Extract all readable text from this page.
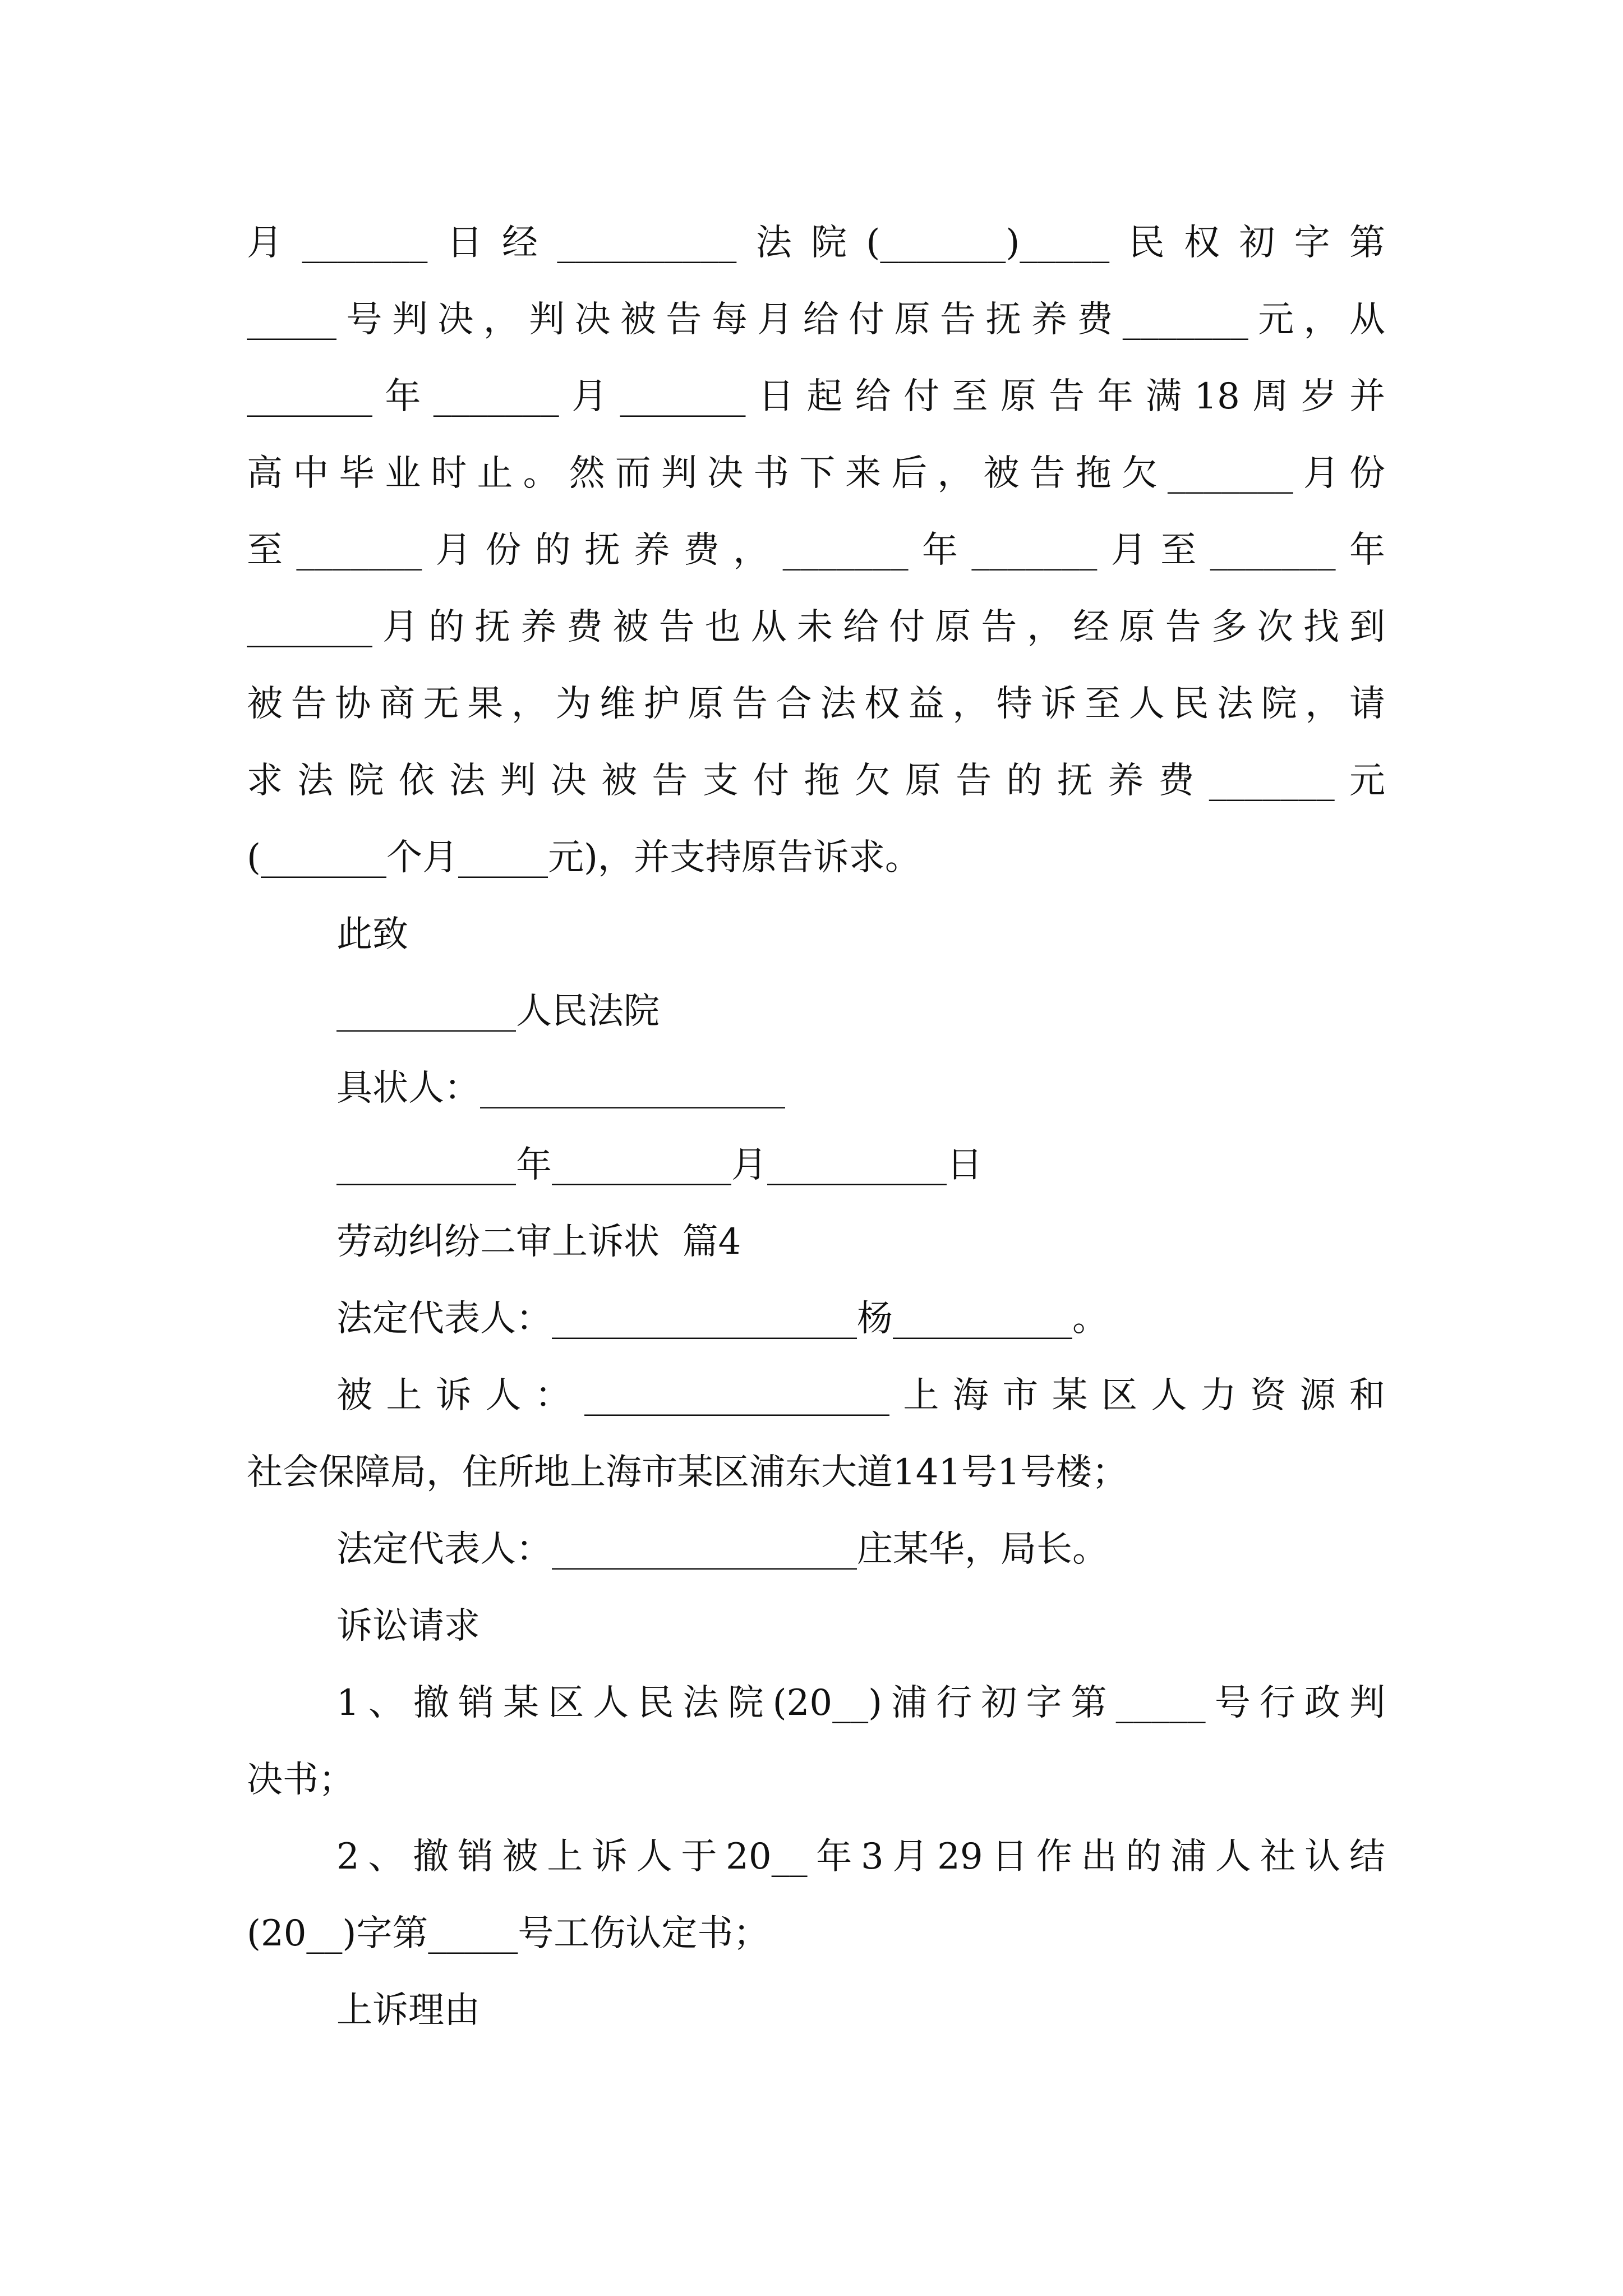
月_______日经__________法院(_______)_____民权初字第
_____号判决，判决被告每月给付原告抚养费_______元，从
_______年_______月_______日起给付至原告年满18周岁并
高中毕业时止。然而判决书下来后，被告拖欠_______月份
至_______月份的抚养费，_______年_______月至_______年
_______月的抚养费被告也从未给付原告，经原告多次找到
被告协商无果，为维护原告合法权益，特诉至人民法院，请
求法院依法判决被告支付拖欠原告的抚养费_______元
(_______个月_____元)，并支持原告诉求。
此致
__________人民法院
具状人：_________________
__________年__________月__________日
劳动纠纷二审上诉状  篇4
法定代表人：_________________杨__________。
被上诉人：_________________上海市某区人力资源和
社会保障局，住所地上海市某区浦东大道141号1号楼；
法定代表人：_________________庄某华，局长。
诉讼请求
1、撤销某区人民法院(20__)浦行初字第_____号行政判
决书；
2、撤销被上诉人于20__年3月29日作出的浦人社认结
(20__)字第_____号工伤认定书；
上诉理由
